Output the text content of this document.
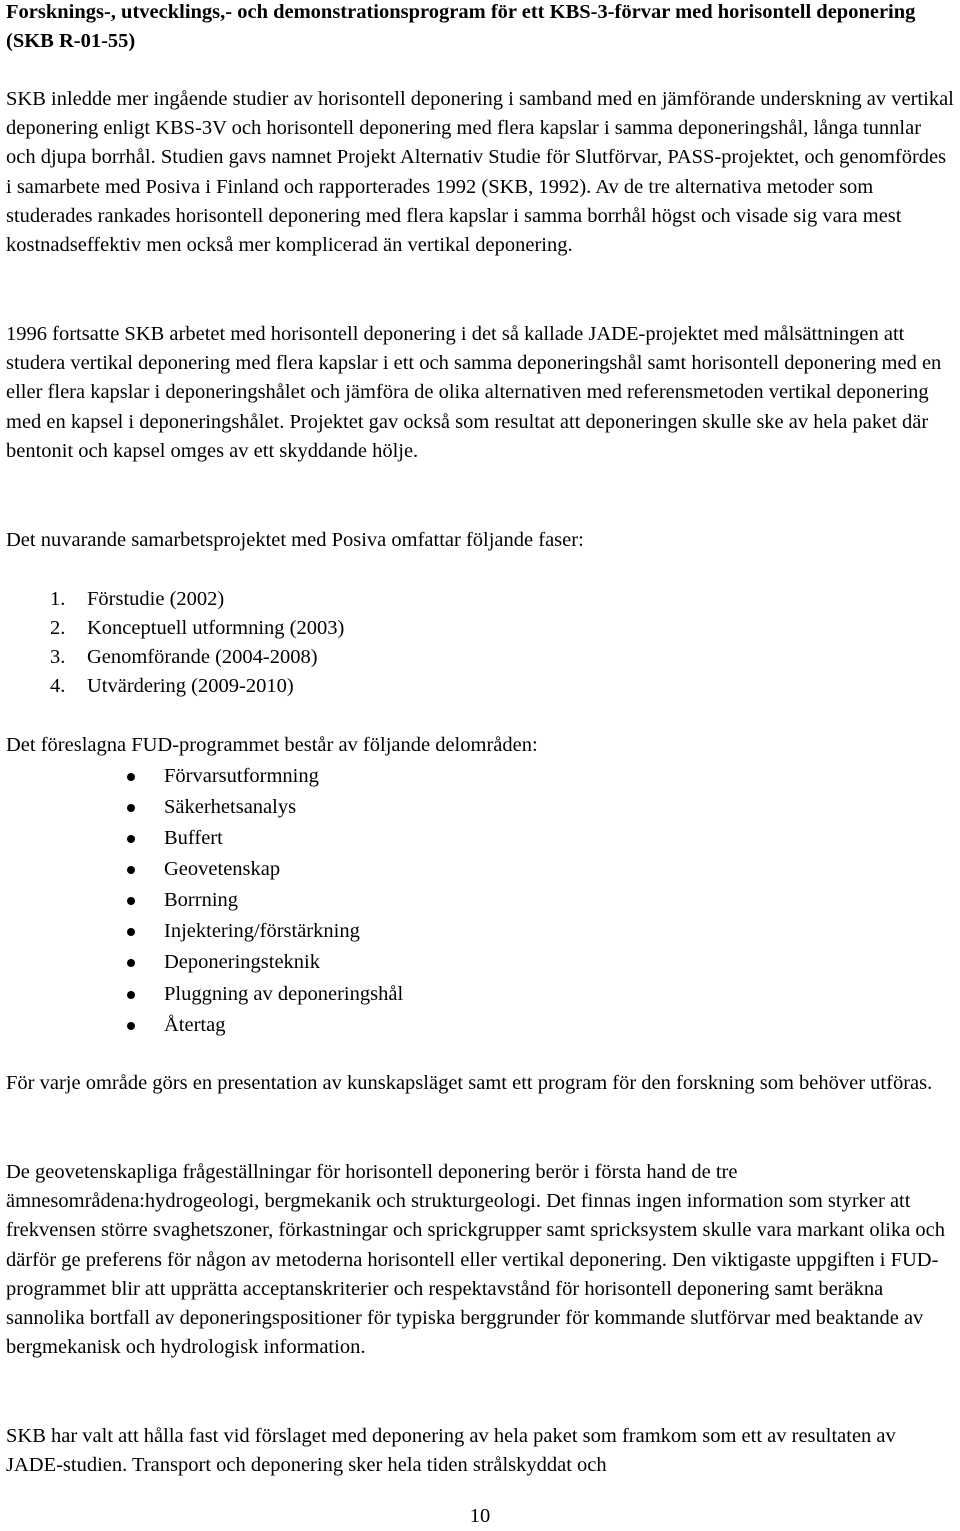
Forsknings-, utvecklings,- och demonstrationsprogram för ett KBS-3-förvar med horisontell deponering (SKB R-01-55)

SKB inledde mer ingående studier av horisontell deponering i samband med en jämförande underskning av vertikal deponering enligt KBS-3V och horisontell deponering med flera kapslar i samma deponeringshål, långa tunnlar och djupa borrhål. Studien gavs namnet Projekt Alternativ Studie för Slutförvar, PASS-projektet, och genomfördes i samarbete med Posiva i Finland och rapporterades 1992 (SKB, 1992). Av de tre alternativa metoder som studerades rankades horisontell deponering med flera kapslar i samma borrhål högst och visade sig vara mest kostnadseffektiv men också mer komplicerad än vertikal deponering.

1996 fortsatte SKB arbetet med horisontell deponering i det så kallade JADE-projektet med målsättningen att studera vertikal deponering med flera kapslar i ett och samma deponeringshål samt horisontell deponering med en eller flera kapslar i deponeringshålet och jämföra de olika alternativen med referensmetoden vertikal deponering med en kapsel i deponeringshålet. Projektet gav också som resultat att deponeringen skulle ske av hela paket där bentonit och kapsel omges av ett skyddande hölje.

Det nuvarande samarbetsprojektet med Posiva omfattar följande faser:

1. Förstudie (2002)
2. Konceptuell utformning (2003)
3. Genomförande (2004-2008)
4. Utvärdering (2009-2010)

Det föreslagna FUD-programmet består av följande delområden:

Förvarsutformning
Säkerhetsanalys
Buffert
Geovetenskap
Borrning
Injektering/förstärkning
Deponeringsteknik
Pluggning av deponeringshål
Återtag

För varje område görs en presentation av kunskapsläget samt ett program för den forskning som behöver utföras.

De geovetenskapliga frågeställningar för horisontell deponering berör i första hand de tre ämnesområdena:hydrogeologi, bergmekanik och strukturgeologi. Det finnas ingen information som styrker att frekvensen större svaghetszoner, förkastningar och sprickgrupper samt spricksystem skulle vara markant olika och därför ge preferens för någon av metoderna horisontell eller vertikal deponering. Den viktigaste uppgiften i FUD-programmet blir att upprätta acceptanskriterier och respektavstånd för horisontell deponering samt beräkna sannolika bortfall av deponeringspositioner för typiska berggrunder för kommande slutförvar med beaktande av bergmekanisk och hydrologisk information.

SKB har valt att hålla fast vid förslaget med deponering av hela paket som framkom som ett av resultaten av JADE-studien. Transport och deponering sker hela tiden strålskyddat och

10
